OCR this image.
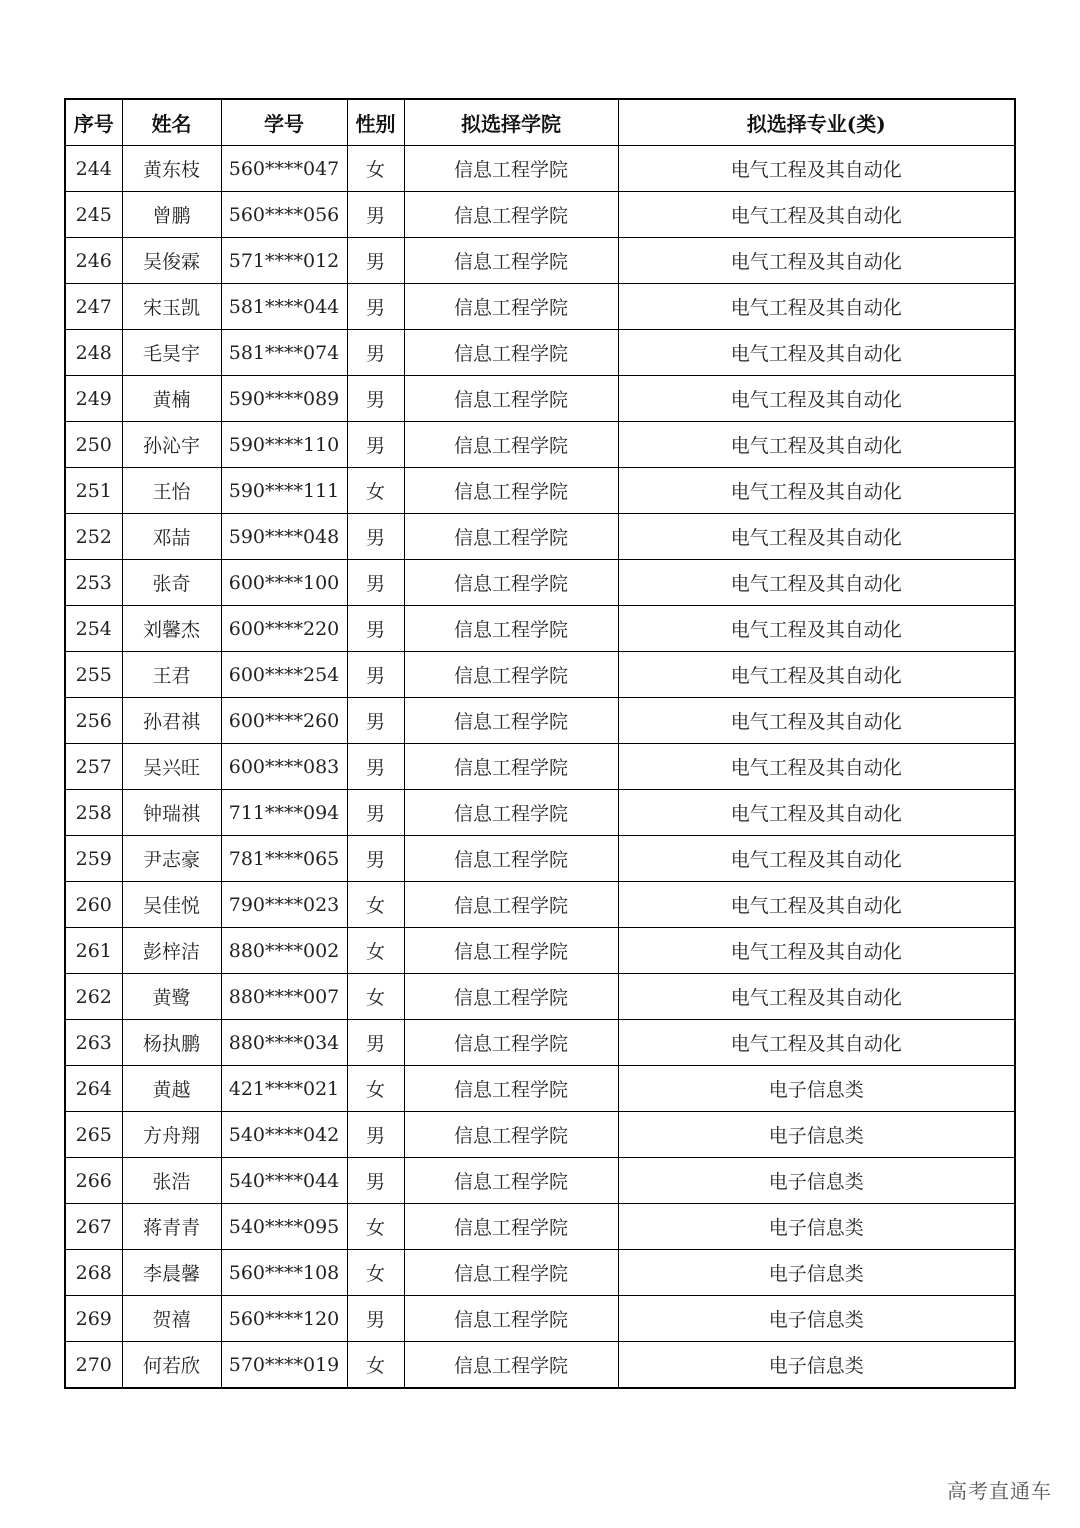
序号	姓名	学号	性别	拟选择学院	拟选择专业(类)
244	黄东枝	560****047	女	信息工程学院	电气工程及其自动化
245	曾鹏	560****056	男	信息工程学院	电气工程及其自动化
246	吴俊霖	571****012	男	信息工程学院	电气工程及其自动化
247	宋玉凯	581****044	男	信息工程学院	电气工程及其自动化
248	毛昊宇	581****074	男	信息工程学院	电气工程及其自动化
249	黄楠	590****089	男	信息工程学院	电气工程及其自动化
250	孙沁宇	590****110	男	信息工程学院	电气工程及其自动化
251	王怡	590****111	女	信息工程学院	电气工程及其自动化
252	邓喆	590****048	男	信息工程学院	电气工程及其自动化
253	张奇	600****100	男	信息工程学院	电气工程及其自动化
254	刘馨杰	600****220	男	信息工程学院	电气工程及其自动化
255	王君	600****254	男	信息工程学院	电气工程及其自动化
256	孙君祺	600****260	男	信息工程学院	电气工程及其自动化
257	吴兴旺	600****083	男	信息工程学院	电气工程及其自动化
258	钟瑞祺	711****094	男	信息工程学院	电气工程及其自动化
259	尹志豪	781****065	男	信息工程学院	电气工程及其自动化
260	吴佳悦	790****023	女	信息工程学院	电气工程及其自动化
261	彭梓洁	880****002	女	信息工程学院	电气工程及其自动化
262	黄鹭	880****007	女	信息工程学院	电气工程及其自动化
263	杨执鹏	880****034	男	信息工程学院	电气工程及其自动化
264	黄越	421****021	女	信息工程学院	电子信息类
265	方舟翔	540****042	男	信息工程学院	电子信息类
266	张浩	540****044	男	信息工程学院	电子信息类
267	蒋青青	540****095	女	信息工程学院	电子信息类
268	李晨馨	560****108	女	信息工程学院	电子信息类
269	贺禧	560****120	男	信息工程学院	电子信息类
270	何若欣	570****019	女	信息工程学院	电子信息类
高考直通车
